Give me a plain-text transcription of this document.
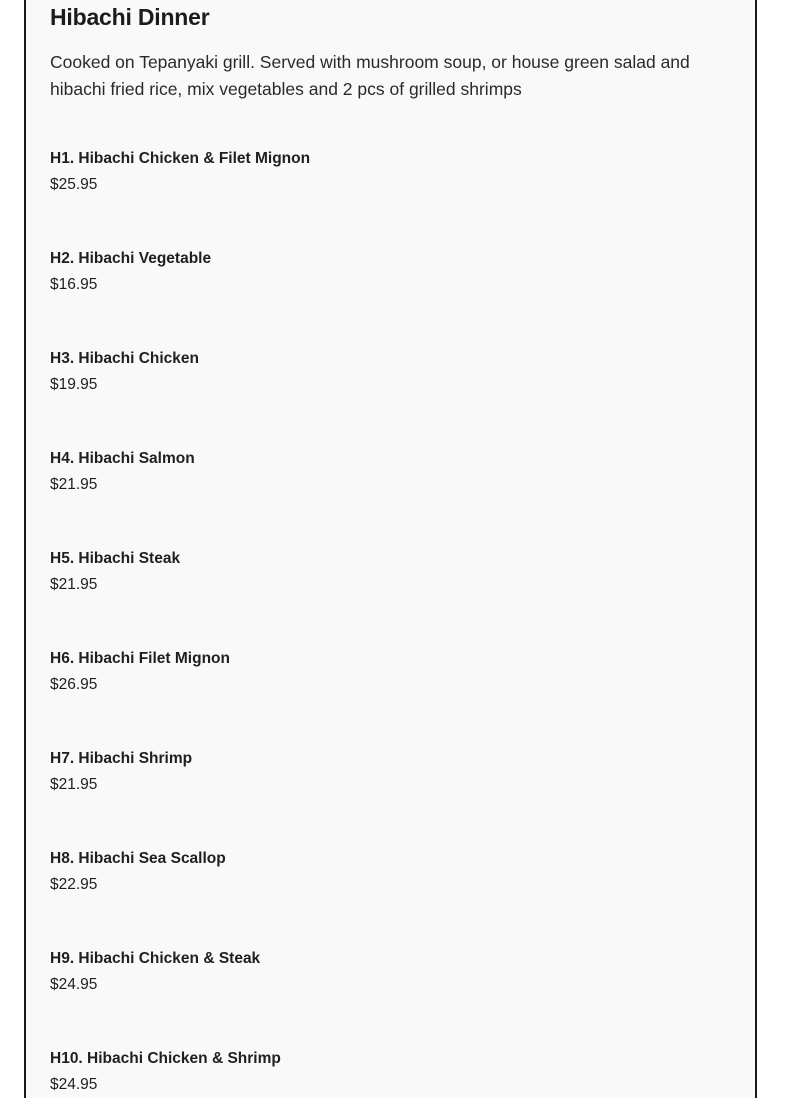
Hibachi Dinner

Cooked on Tepanyaki grill. Served with mushroom soup, or house green salad and hibachi fried rice, mix vegetables and 2 pcs of grilled shrimps

H1. Hibachi Chicken & Filet Mignon
$25.95
H2. Hibachi Vegetable
$16.95
H3. Hibachi Chicken
$19.95
H4. Hibachi Salmon
$21.95
H5. Hibachi Steak
$21.95
H6. Hibachi Filet Mignon
$26.95
H7. Hibachi Shrimp
$21.95
H8. Hibachi Sea Scallop
$22.95
H9. Hibachi Chicken & Steak
$24.95
H10. Hibachi Chicken & Shrimp
$24.95
